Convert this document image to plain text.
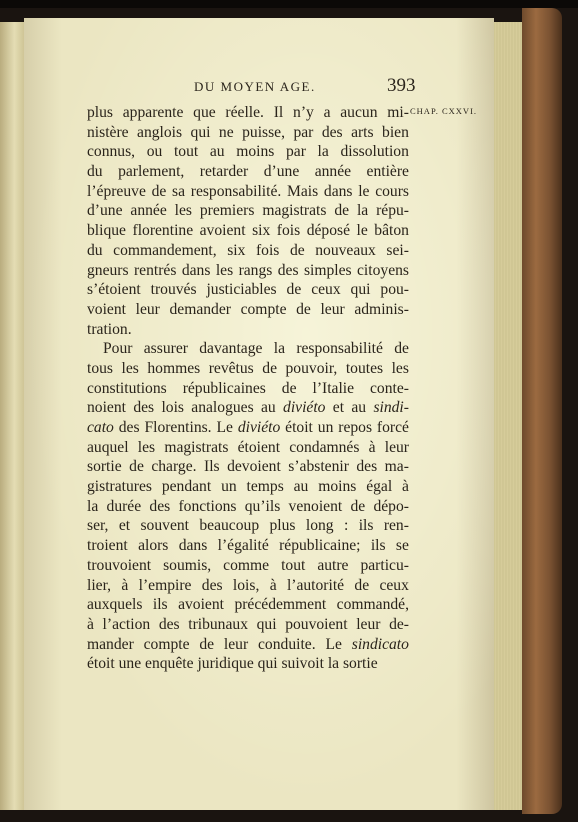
DU MOYEN AGE.	393
CHAP. CXXVI.
plus apparente que réelle. Il n’y a aucun mi-
nistère anglois qui ne puisse, par des arts bien
connus, ou tout au moins par la dissolution
du parlement, retarder d’une année entière
l’épreuve de sa responsabilité. Mais dans le cours
d’une année les premiers magistrats de la répu-
blique florentine avoient six fois déposé le bâton
du commandement, six fois de nouveaux sei-
gneurs rentrés dans les rangs des simples citoyens
s’étoient trouvés justiciables de ceux qui pou-
voient leur demander compte de leur adminis-
tration.
Pour assurer davantage la responsabilité de
tous les hommes revêtus de pouvoir, toutes les
constitutions républicaines de l’Italie conte-
noient des lois analogues au diviéto et au sindi-
cato des Florentins. Le diviéto étoit un repos forcé
auquel les magistrats étoient condamnés à leur
sortie de charge. Ils devoient s’abstenir des ma-
gistratures pendant un temps au moins égal à
la durée des fonctions qu’ils venoient de dépo-
ser, et souvent beaucoup plus long : ils ren-
troient alors dans l’égalité républicaine; ils se
trouvoient soumis, comme tout autre particu-
lier, à l’empire des lois, à l’autorité de ceux
auxquels ils avoient précédemment commandé,
à l’action des tribunaux qui pouvoient leur de-
mander compte de leur conduite. Le sindicato
étoit une enquête juridique qui suivoit la sortie
